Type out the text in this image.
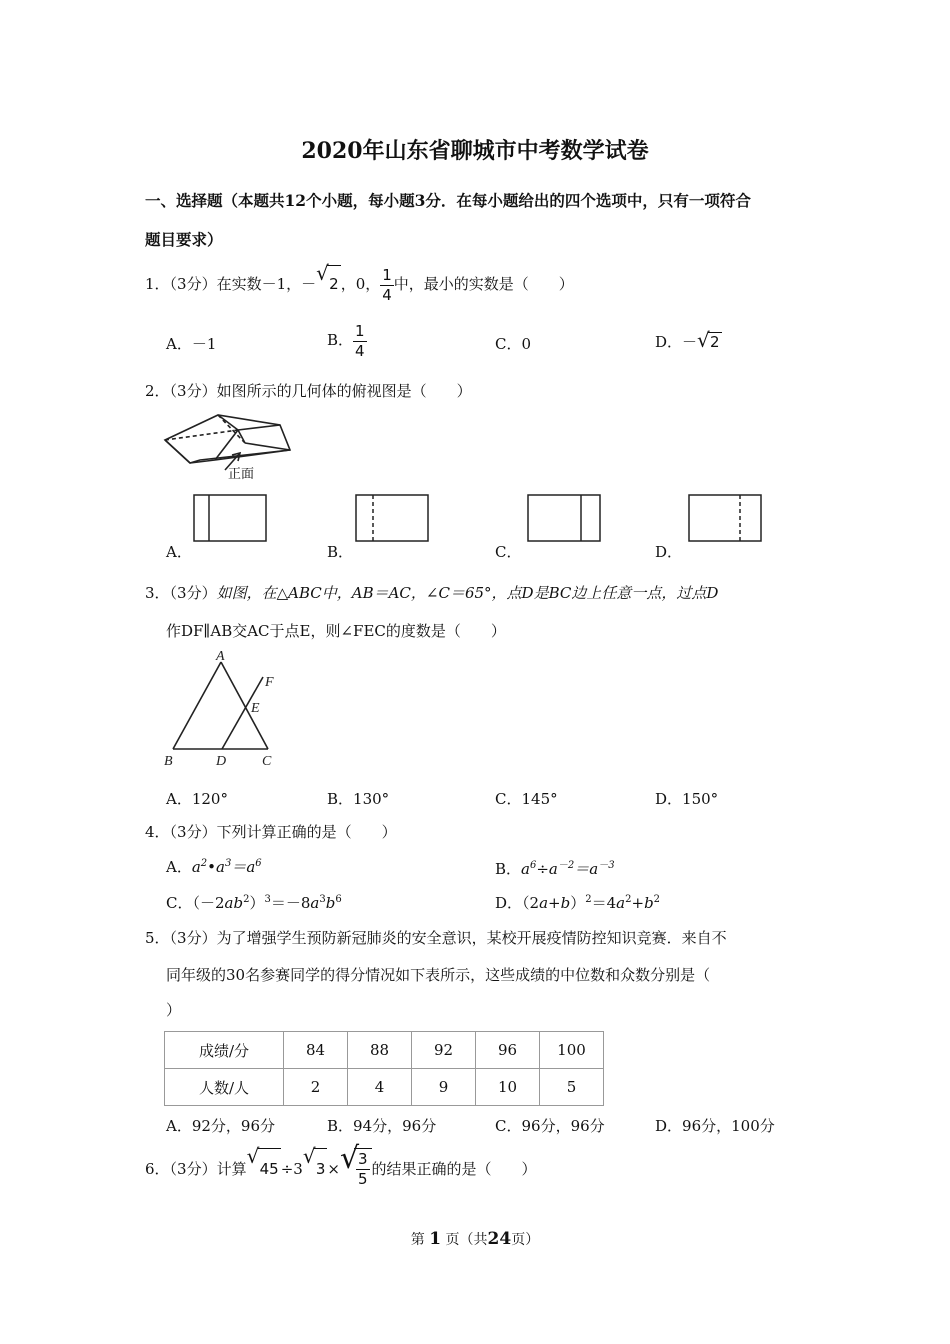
2020年山东省聊城市中考数学试卷
一、选择题（本题共12个小题，每小题3分．在每小题给出的四个选项中，只有一项符合
题目要求）
1．（3分）在实数－1，－ √ 2 ，0， $\frac{1}{4}$ 中，最小的实数是（　　）
A．－1	B． $\frac{1}{4}$	C．0	D．－ √ 2
2．（3分）如图所示的几何体的俯视图是（　　）
正面
A．	B．	C．	D．
3．（3分）如图，在△ABC中，AB＝AC，∠C＝65°，点D是BC边上任意一点，过点D
作DF∥AB交AC于点E，则∠FEC的度数是（　　）
A
B	D	C
E
F
A．120°	B．130°	C．145°	D．150°
4．（3分）下列计算正确的是（　　）
A．$a^2•a^3=a^6$	B．$a^6\div a^{-2}=a^{-3}$
C．$(-2ab^2)^3=-8a^3b^6$	D．$(2a+b)^2=4a^2+b^2$
5．（3分）为了增强学生预防新冠肺炎的安全意识，某校开展疫情防控知识竞赛．来自不
同年级的30名参赛同学的得分情况如下表所示，这些成绩的中位数和众数分别是（
）
成绩/分	84	88	92	96	100
人数/人	2	4	9	10	5
A．92分，96分	B．94分，96分	C．96分，96分	D．96分，100分
6．（3分）计算
√
45 ÷3
√
3 × √
$\frac{3}{5}$ 的结果正确的是（　　）
第 1 页（共24页）
